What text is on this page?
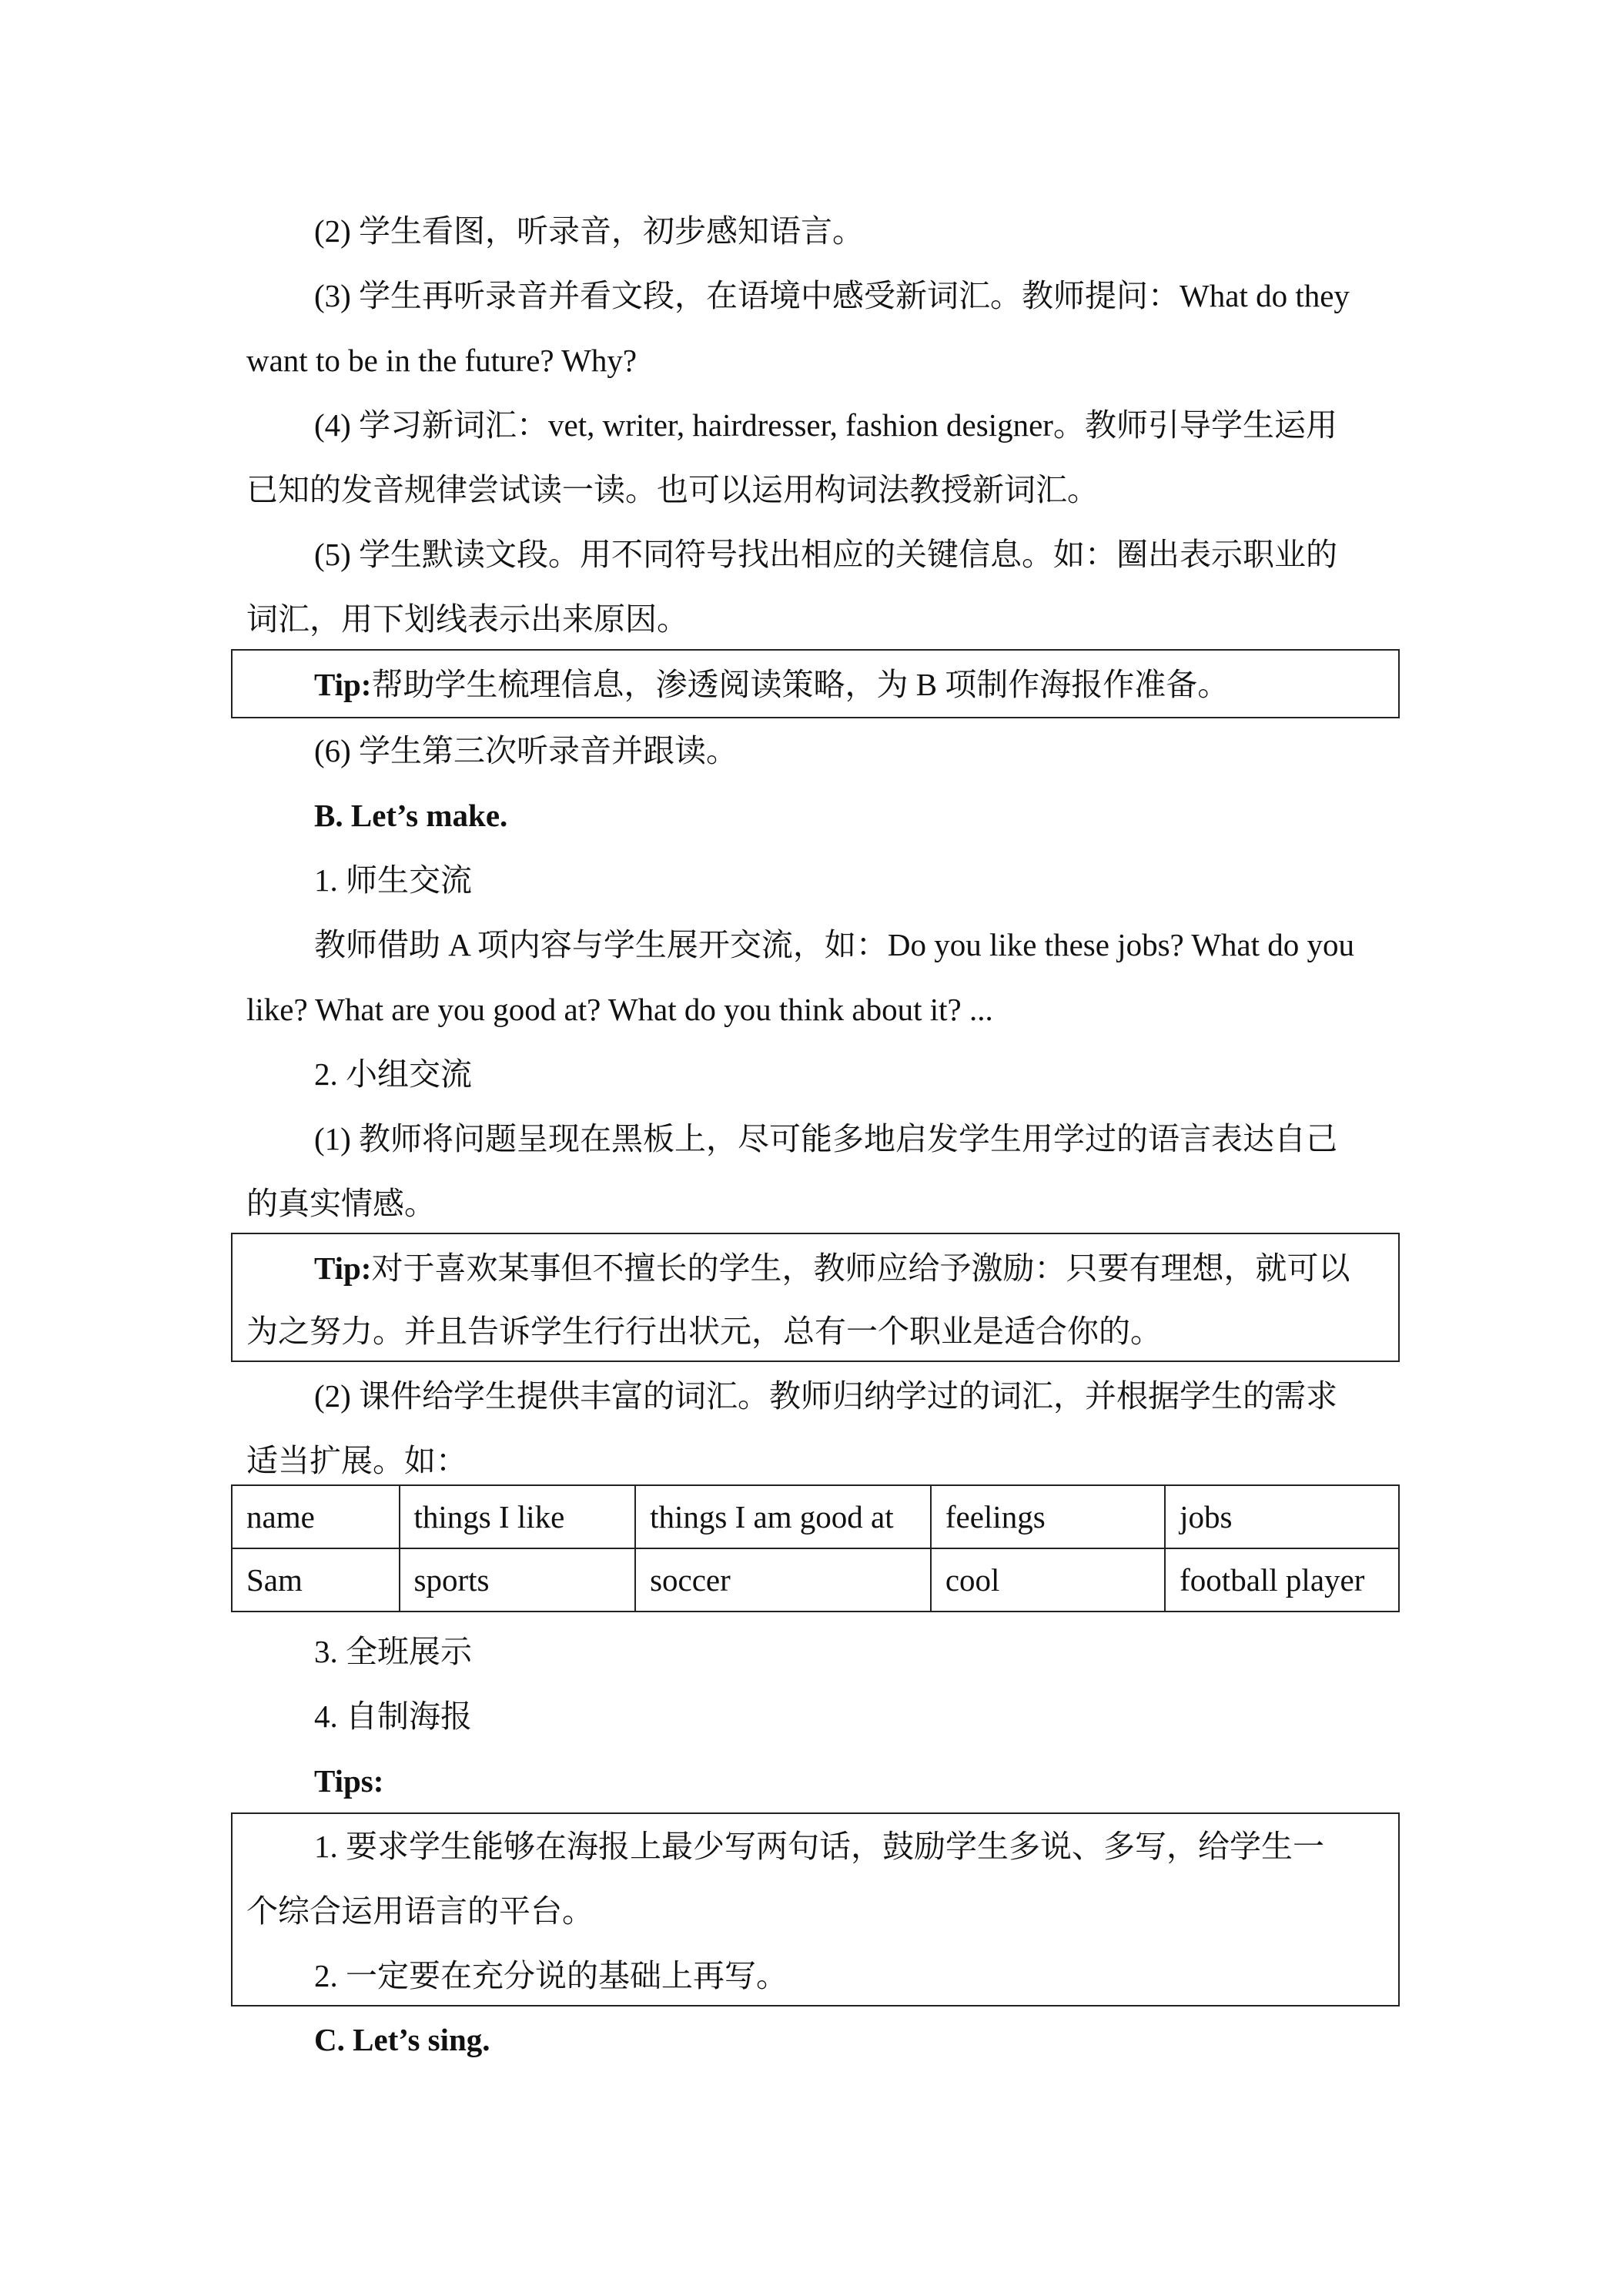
(2) 学生看图，听录音，初步感知语言。
(3) 学生再听录音并看文段，在语境中感受新词汇。教师提问：What do they
want to be in the future? Why?
(4) 学习新词汇：vet, writer, hairdresser, fashion designer。教师引导学生运用
已知的发音规律尝试读一读。也可以运用构词法教授新词汇。
(5) 学生默读文段。用不同符号找出相应的关键信息。如：圈出表示职业的
词汇，用下划线表示出来原因。
Tip:帮助学生梳理信息，渗透阅读策略，为 B 项制作海报作准备。
(6) 学生第三次听录音并跟读。
B. Let’s make.
1. 师生交流
教师借助 A 项内容与学生展开交流，如：Do you like these jobs? What do you
like? What are you good at? What do you think about it? ...
2. 小组交流
(1) 教师将问题呈现在黑板上，尽可能多地启发学生用学过的语言表达自己
的真实情感。
Tip:对于喜欢某事但不擅长的学生，教师应给予激励：只要有理想，就可以
为之努力。并且告诉学生行行出状元，总有一个职业是适合你的。
(2) 课件给学生提供丰富的词汇。教师归纳学过的词汇，并根据学生的需求
适当扩展。如：
name	things I like	things I am good at	feelings	jobs
Sam	sports	soccer	cool	football player
3. 全班展示
4. 自制海报
Tips:
1. 要求学生能够在海报上最少写两句话，鼓励学生多说、多写，给学生一
个综合运用语言的平台。
2. 一定要在充分说的基础上再写。
C. Let’s sing.
